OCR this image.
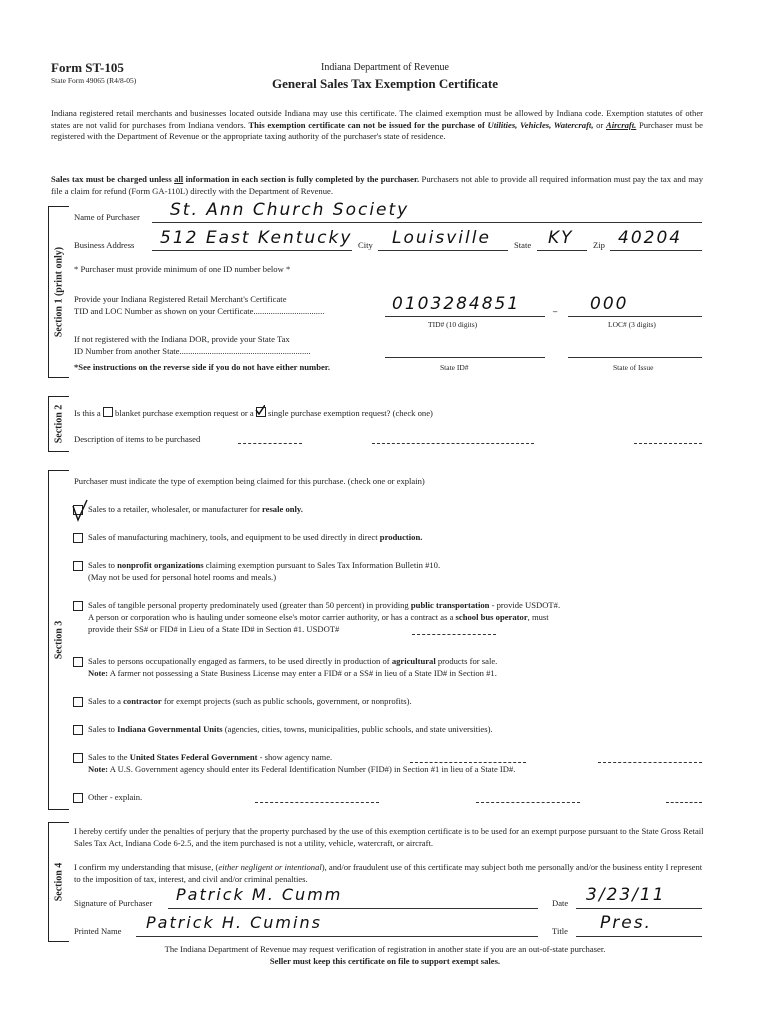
Form ST-105
State Form 49065 (R4/8-05)
Indiana Department of Revenue
General Sales Tax Exemption Certificate
Indiana registered retail merchants and businesses located outside Indiana may use this certificate. The claimed exemption must be allowed by Indiana code. Exemption statutes of other states are not valid for purchases from Indiana vendors. This exemption certificate can not be issued for the purchase of Utilities, Vehicles, Watercraft, or Aircraft. Purchaser must be registered with the Department of Revenue or the appropriate taxing authority of the purchaser's state of residence.
Sales tax must be charged unless all information in each section is fully completed by the purchaser. Purchasers not able to provide all required information must pay the tax and may file a claim for refund (Form GA-110L) directly with the Department of Revenue.
Section 1 (print only)
Name of Purchaser St. Ann Church Society
Business Address 512 East Kentucky City Louisville	State KY Zip 40204
* Purchaser must provide minimum of one ID number below *
Provide your Indiana Registered Retail Merchant's Certificate
TID and LOC Number as shown on your Certificate.................................	0103284851	– 000
TID# (10 digits)	LOC# (3 digits)
If not registered with the Indiana DOR, provide your State Tax
ID Number from another State.............................................................
*See instructions on the reverse side if you do not have either number.	State ID#	State of Issue
Section 2 Is this a blanket purchase exemption request or a single purchase exemption request? (check one)
Description of items to be purchased
Section 3
Purchaser must indicate the type of exemption being claimed for this purchase. (check one or explain)
Sales to a retailer, wholesaler, or manufacturer for resale only.
Sales of manufacturing machinery, tools, and equipment to be used directly in direct production.
Sales to nonprofit organizations claiming exemption pursuant to Sales Tax Information Bulletin #10.
(May not be used for personal hotel rooms and meals.)
Sales of tangible personal property predominately used (greater than 50 percent) in providing public transportation - provide USDOT#.
A person or corporation who is hauling under someone else's motor carrier authority, or has a contract as a school bus operator, must
provide their SS# or FID# in Lieu of a State ID# in Section #1. USDOT#
Sales to persons occupationally engaged as farmers, to be used directly in production of agricultural products for sale.
Note: A farmer not possessing a State Business License may enter a FID# or a SS# in lieu of a State ID# in Section #1.
Sales to a contractor for exempt projects (such as public schools, government, or nonprofits).
Sales to Indiana Governmental Units (agencies, cities, towns, municipalities, public schools, and state universities).
Sales to the United States Federal Government - show agency name.
Note: A U.S. Government agency should enter its Federal Identification Number (FID#) in Section #1 in lieu of a State ID#.
Other - explain.
Section 4
I hereby certify under the penalties of perjury that the property purchased by the use of this exemption certificate is to be used for an exempt purpose pursuant to the State Gross Retail Sales Tax Act, Indiana Code 6-2.5, and the item purchased is not a utility, vehicle, watercraft, or aircraft.
I confirm my understanding that misuse, (either negligent or intentional), and/or fraudulent use of this certificate may subject both me personally and/or the business entity I represent to the imposition of tax, interest, and civil and/or criminal penalties.
Signature of Purchaser Patrick M. Cumm	Date 3/23/11
Printed Name Patrick H. Cumins	Title Pres.
The Indiana Department of Revenue may request verification of registration in another state if you are an out-of-state purchaser.
Seller must keep this certificate on file to support exempt sales.
